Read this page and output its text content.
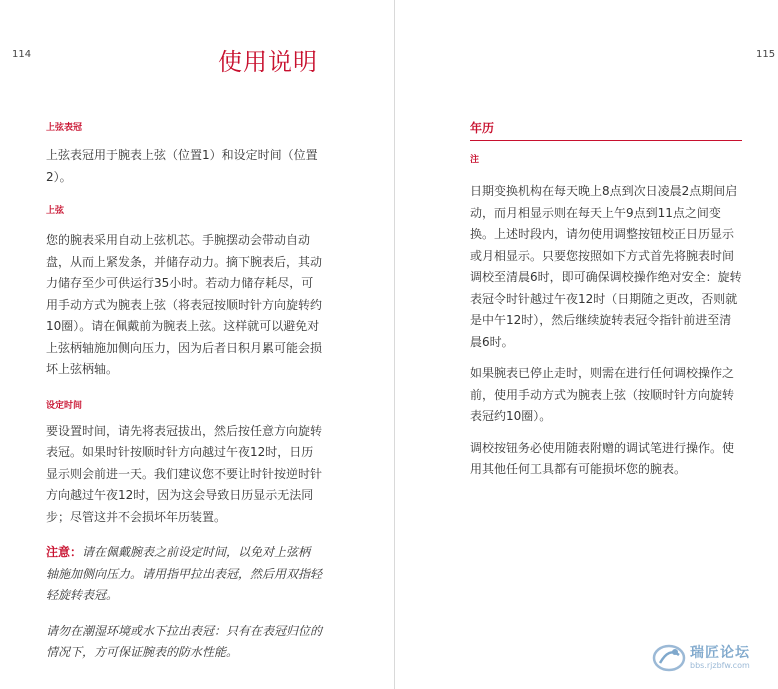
114	使用说明

上弦表冠

上弦表冠用于腕表上弦（位置1）和设定时间（位置2）。

上弦

您的腕表采用自动上弦机芯。手腕摆动会带动自动盘，从而上紧发条，并储存动力。摘下腕表后，其动力储存至少可供运行35小时。若动力储存耗尽，可用手动方式为腕表上弦（将表冠按顺时针方向旋转约10圈）。请在佩戴前为腕表上弦。这样就可以避免对上弦柄轴施加侧向压力，因为后者日积月累可能会损坏上弦柄轴。

设定时间

要设置时间，请先将表冠拔出，然后按任意方向旋转表冠。如果时针按顺时针方向越过午夜12时，日历显示则会前进一天。我们建议您不要让时针按逆时针方向越过午夜12时，因为这会导致日历显示无法同步；尽管这并不会损坏年历装置。

注意：请在佩戴腕表之前设定时间，以免对上弦柄轴施加侧向压力。请用指甲拉出表冠，然后用双指轻轻旋转表冠。

请勿在潮湿环境或水下拉出表冠：只有在表冠归位的情况下，方可保证腕表的防水性能。

115

年历

注

日期变换机构在每天晚上8点到次日凌晨2点期间启动，而月相显示则在每天上午9点到11点之间变换。上述时段内，请勿使用调整按钮校正日历显示或月相显示。只要您按照如下方式首先将腕表时间调校至清晨6时，即可确保调校操作绝对安全：旋转表冠令时针越过午夜12时（日期随之更改，否则就是中午12时），然后继续旋转表冠令指针前进至清晨6时。

如果腕表已停止走时，则需在进行任何调校操作之前，使用手动方式为腕表上弦（按顺时针方向旋转表冠约10圈）。

调校按钮务必使用随表附赠的调试笔进行操作。使用其他任何工具都有可能损坏您的腕表。

瑞匠论坛
bbs.rjzbfw.com
